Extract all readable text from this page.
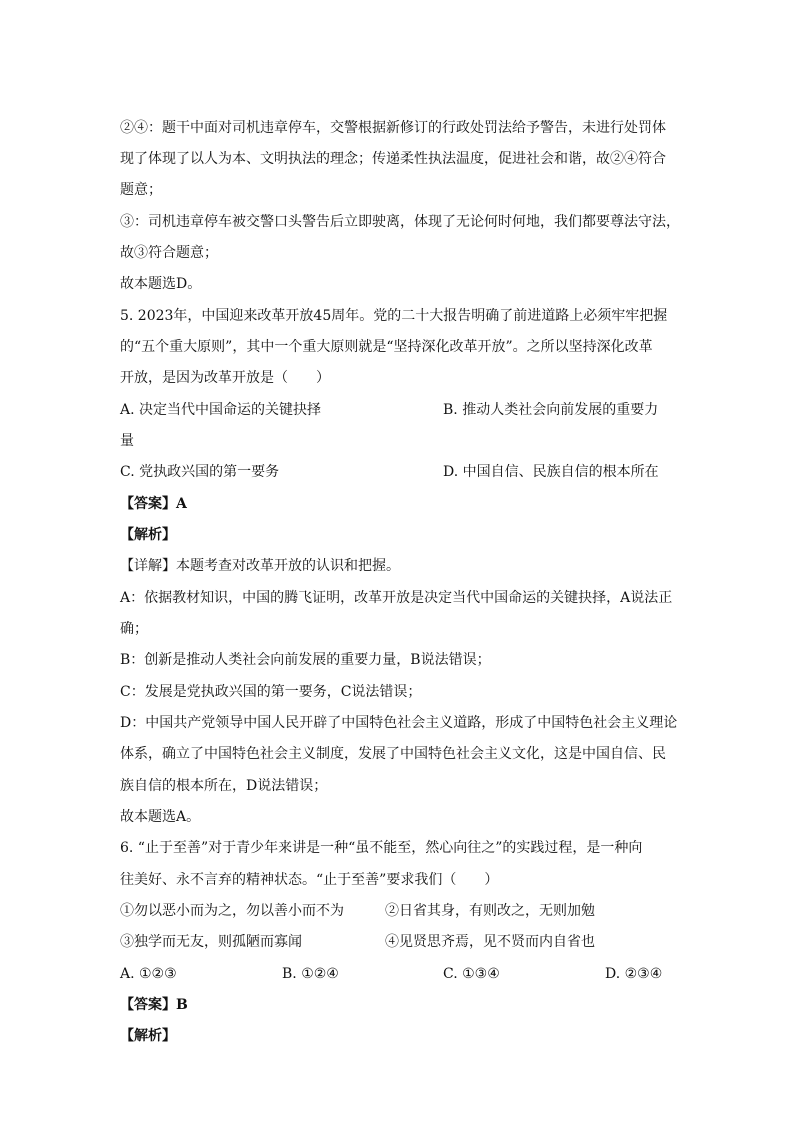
②④：题干中面对司机违章停车，交警根据新修订的行政处罚法给予警告，未进行处罚体
现了体现了以人为本、文明执法的理念；传递柔性执法温度，促进社会和谐，故②④符合
题意；
③：司机违章停车被交警口头警告后立即驶离，体现了无论何时何地，我们都要尊法守法，
故③符合题意；
故本题选D。
5. 2023年，中国迎来改革开放45周年。党的二十大报告明确了前进道路上必须牢牢把握
的“五个重大原则”，其中一个重大原则就是“坚持深化改革开放”。之所以坚持深化改革
开放，是因为改革开放是（　　）
A. 决定当代中国命运的关键抉择	B. 推动人类社会向前发展的重要力
量
C. 党执政兴国的第一要务	D. 中国自信、民族自信的根本所在
【答案】A
【解析】
【详解】本题考查对改革开放的认识和把握。
A：依据教材知识，中国的腾飞证明，改革开放是决定当代中国命运的关键抉择，A说法正
确；
B：创新是推动人类社会向前发展的重要力量，B说法错误；
C：发展是党执政兴国的第一要务，C说法错误；
D：中国共产党领导中国人民开辟了中国特色社会主义道路，形成了中国特色社会主义理论
体系，确立了中国特色社会主义制度，发展了中国特色社会主义文化，这是中国自信、民
族自信的根本所在，D说法错误；
故本题选A。
6. “止于至善”对于青少年来讲是一种“虽不能至，然心向往之”的实践过程，是一种向
往美好、永不言弃的精神状态。“止于至善”要求我们（　　）
①勿以恶小而为之，勿以善小而不为	②日省其身，有则改之，无则加勉
③独学而无友，则孤陋而寡闻	④见贤思齐焉，见不贤而内自省也
A. ①②③	B. ①②④	C. ①③④	D. ②③④
【答案】B
【解析】
